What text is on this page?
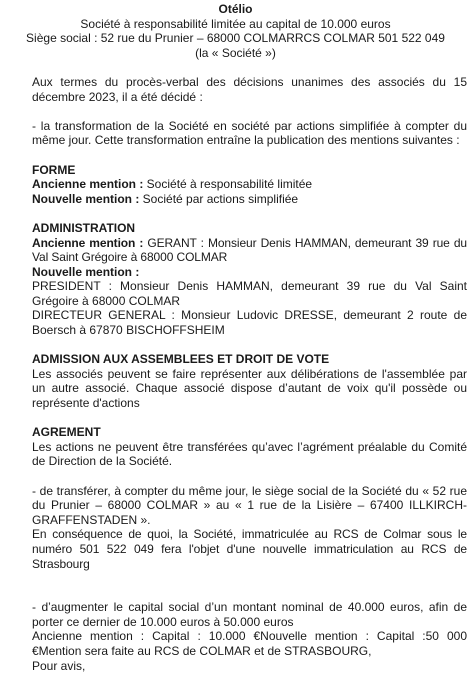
Otélio

Société à responsabilité limitée au capital de 10.000 euros

Siège social : 52 rue du Prunier – 68000 COLMARRCS COLMAR 501 522 049

(la « Société »)

Aux termes du procès-verbal des décisions unanimes des associés du 15 décembre 2023, il a été décidé :

- la transformation de la Société en société par actions simplifiée à compter du même jour. Cette transformation entraîne la publication des mentions suivantes :

FORME

Ancienne mention : Société à responsabilité limitée

Nouvelle mention : Société par actions simplifiée

ADMINISTRATION

Ancienne mention : GERANT : Monsieur Denis HAMMAN, demeurant 39 rue du Val Saint Grégoire à 68000 COLMAR

Nouvelle mention :

PRESIDENT : Monsieur Denis HAMMAN, demeurant 39 rue du Val Saint Grégoire à 68000 COLMAR

DIRECTEUR GENERAL : Monsieur Ludovic DRESSE, demeurant 2 route de Boersch à 67870 BISCHOFFSHEIM

ADMISSION AUX ASSEMBLEES ET DROIT DE VOTE

Les associés peuvent se faire représenter aux délibérations de l'assemblée par un autre associé. Chaque associé dispose d’autant de voix qu'il possède ou représente d'actions

AGREMENT

Les actions ne peuvent être transférées qu’avec l’agrément préalable du Comité de Direction de la Société.

- de transférer, à compter du même jour, le siège social de la Société du « 52 rue du Prunier – 68000 COLMAR » au « 1 rue de la Lisière – 67400 ILLKIRCH-GRAFFENSTADEN ».

En conséquence de quoi, la Société, immatriculée au RCS de Colmar sous le numéro 501 522 049 fera l'objet d'une nouvelle immatriculation au RCS de Strasbourg

- d’augmenter le capital social d’un montant nominal de 40.000 euros, afin de porter ce dernier de 10.000 euros à 50.000 euros

Ancienne mention : Capital : 10.000 €Nouvelle mention : Capital :50 000 €Mention sera faite au RCS de COLMAR et de STRASBOURG,

Pour avis,
